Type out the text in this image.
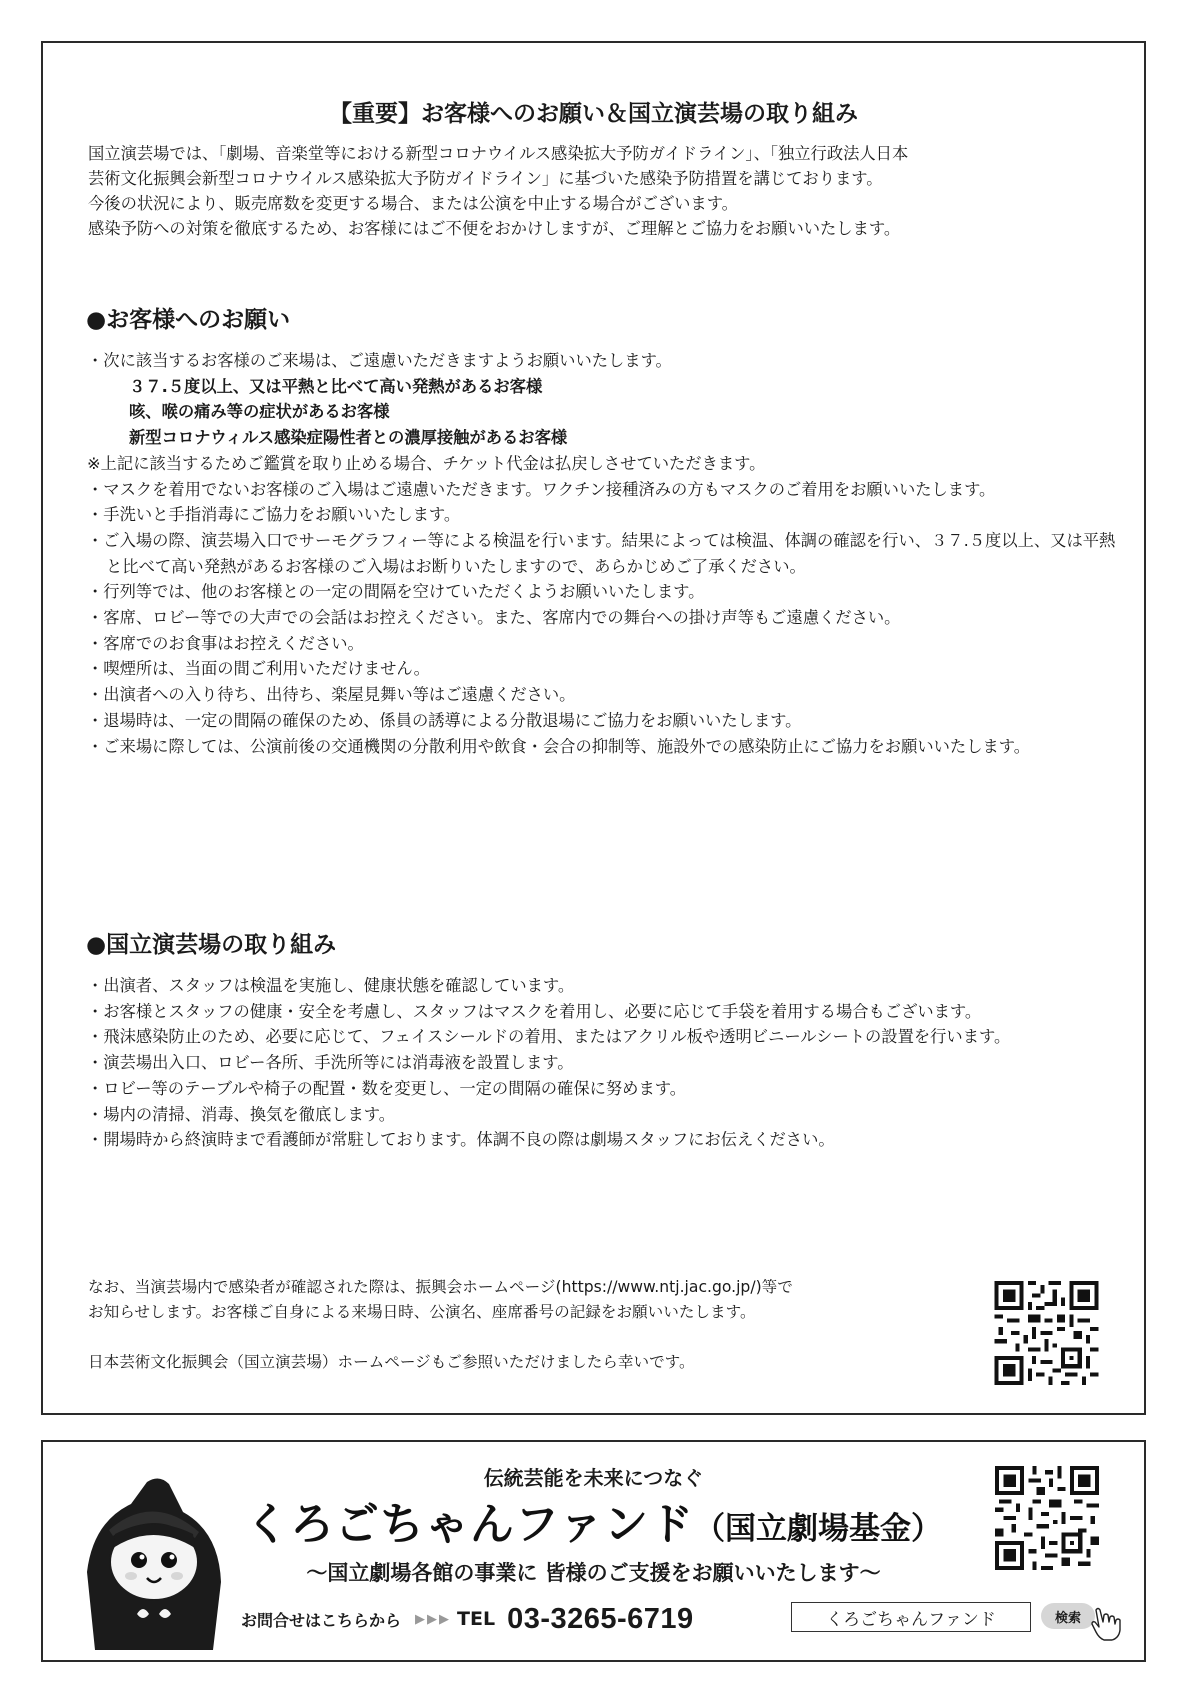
【重要】お客様へのお願い＆国立演芸場の取り組み

国立演芸場では、「劇場、音楽堂等における新型コロナウイルス感染拡大予防ガイドライン」、「独立行政法人日本

芸術文化振興会新型コロナウイルス感染拡大予防ガイドライン」に基づいた感染予防措置を講じております。

今後の状況により、販売席数を変更する場合、または公演を中止する場合がございます。

感染予防への対策を徹底するため、お客様にはご不便をおかけしますが、ご理解とご協力をお願いいたします。

●お客様へのお願い
・次に該当するお客様のご来場は、ご遠慮いただきますようお願いいたします。
３７.５度以上、又は平熱と比べて高い発熱があるお客様
咳、喉の痛み等の症状があるお客様
新型コロナウィルス感染症陽性者との濃厚接触があるお客様
※上記に該当するためご鑑賞を取り止める場合、チケット代金は払戻しさせていただきます。
・マスクを着用でないお客様のご入場はご遠慮いただきます。ワクチン接種済みの方もマスクのご着用をお願いいたします。
・手洗いと手指消毒にご協力をお願いいたします。
・ご入場の際、演芸場入口でサーモグラフィー等による検温を行います。結果によっては検温、体調の確認を行い、３７.５度以上、又は平熱と比べて高い発熱があるお客様のご入場はお断りいたしますので、あらかじめご了承ください。
・行列等では、他のお客様との一定の間隔を空けていただくようお願いいたします。
・客席、ロビー等での大声での会話はお控えください。また、客席内での舞台への掛け声等もご遠慮ください。
・客席でのお食事はお控えください。
・喫煙所は、当面の間ご利用いただけません。
・出演者への入り待ち、出待ち、楽屋見舞い等はご遠慮ください。
・退場時は、一定の間隔の確保のため、係員の誘導による分散退場にご協力をお願いいたします。
・ご来場に際しては、公演前後の交通機関の分散利用や飲食・会合の抑制等、施設外での感染防止にご協力をお願いいたします。
●国立演芸場の取り組み
・出演者、スタッフは検温を実施し、健康状態を確認しています。
・お客様とスタッフの健康・安全を考慮し、スタッフはマスクを着用し、必要に応じて手袋を着用する場合もございます。
・飛沫感染防止のため、必要に応じて、フェイスシールドの着用、またはアクリル板や透明ビニールシートの設置を行います。
・演芸場出入口、ロビー各所、手洗所等には消毒液を設置します。
・ロビー等のテーブルや椅子の配置・数を変更し、一定の間隔の確保に努めます。
・場内の清掃、消毒、換気を徹底します。
・開場時から終演時まで看護師が常駐しております。体調不良の際は劇場スタッフにお伝えください。

なお、当演芸場内で感染者が確認された際は、振興会ホームページ(https://www.ntj.jac.go.jp/)等で

お知らせします。お客様ご自身による来場日時、公演名、座席番号の記録をお願いいたします。

日本芸術文化振興会（国立演芸場）ホームページもご参照いただけましたら幸いです。

伝統芸能を未来につなぐ

くろごちゃんファンド（国立劇場基金）

〜国立劇場各館の事業に 皆様のご支援をお願いいたします〜

お問合せはこちらから ▶▶▶ TEL 03-3265-6719	くろごちゃんファンド	検索
